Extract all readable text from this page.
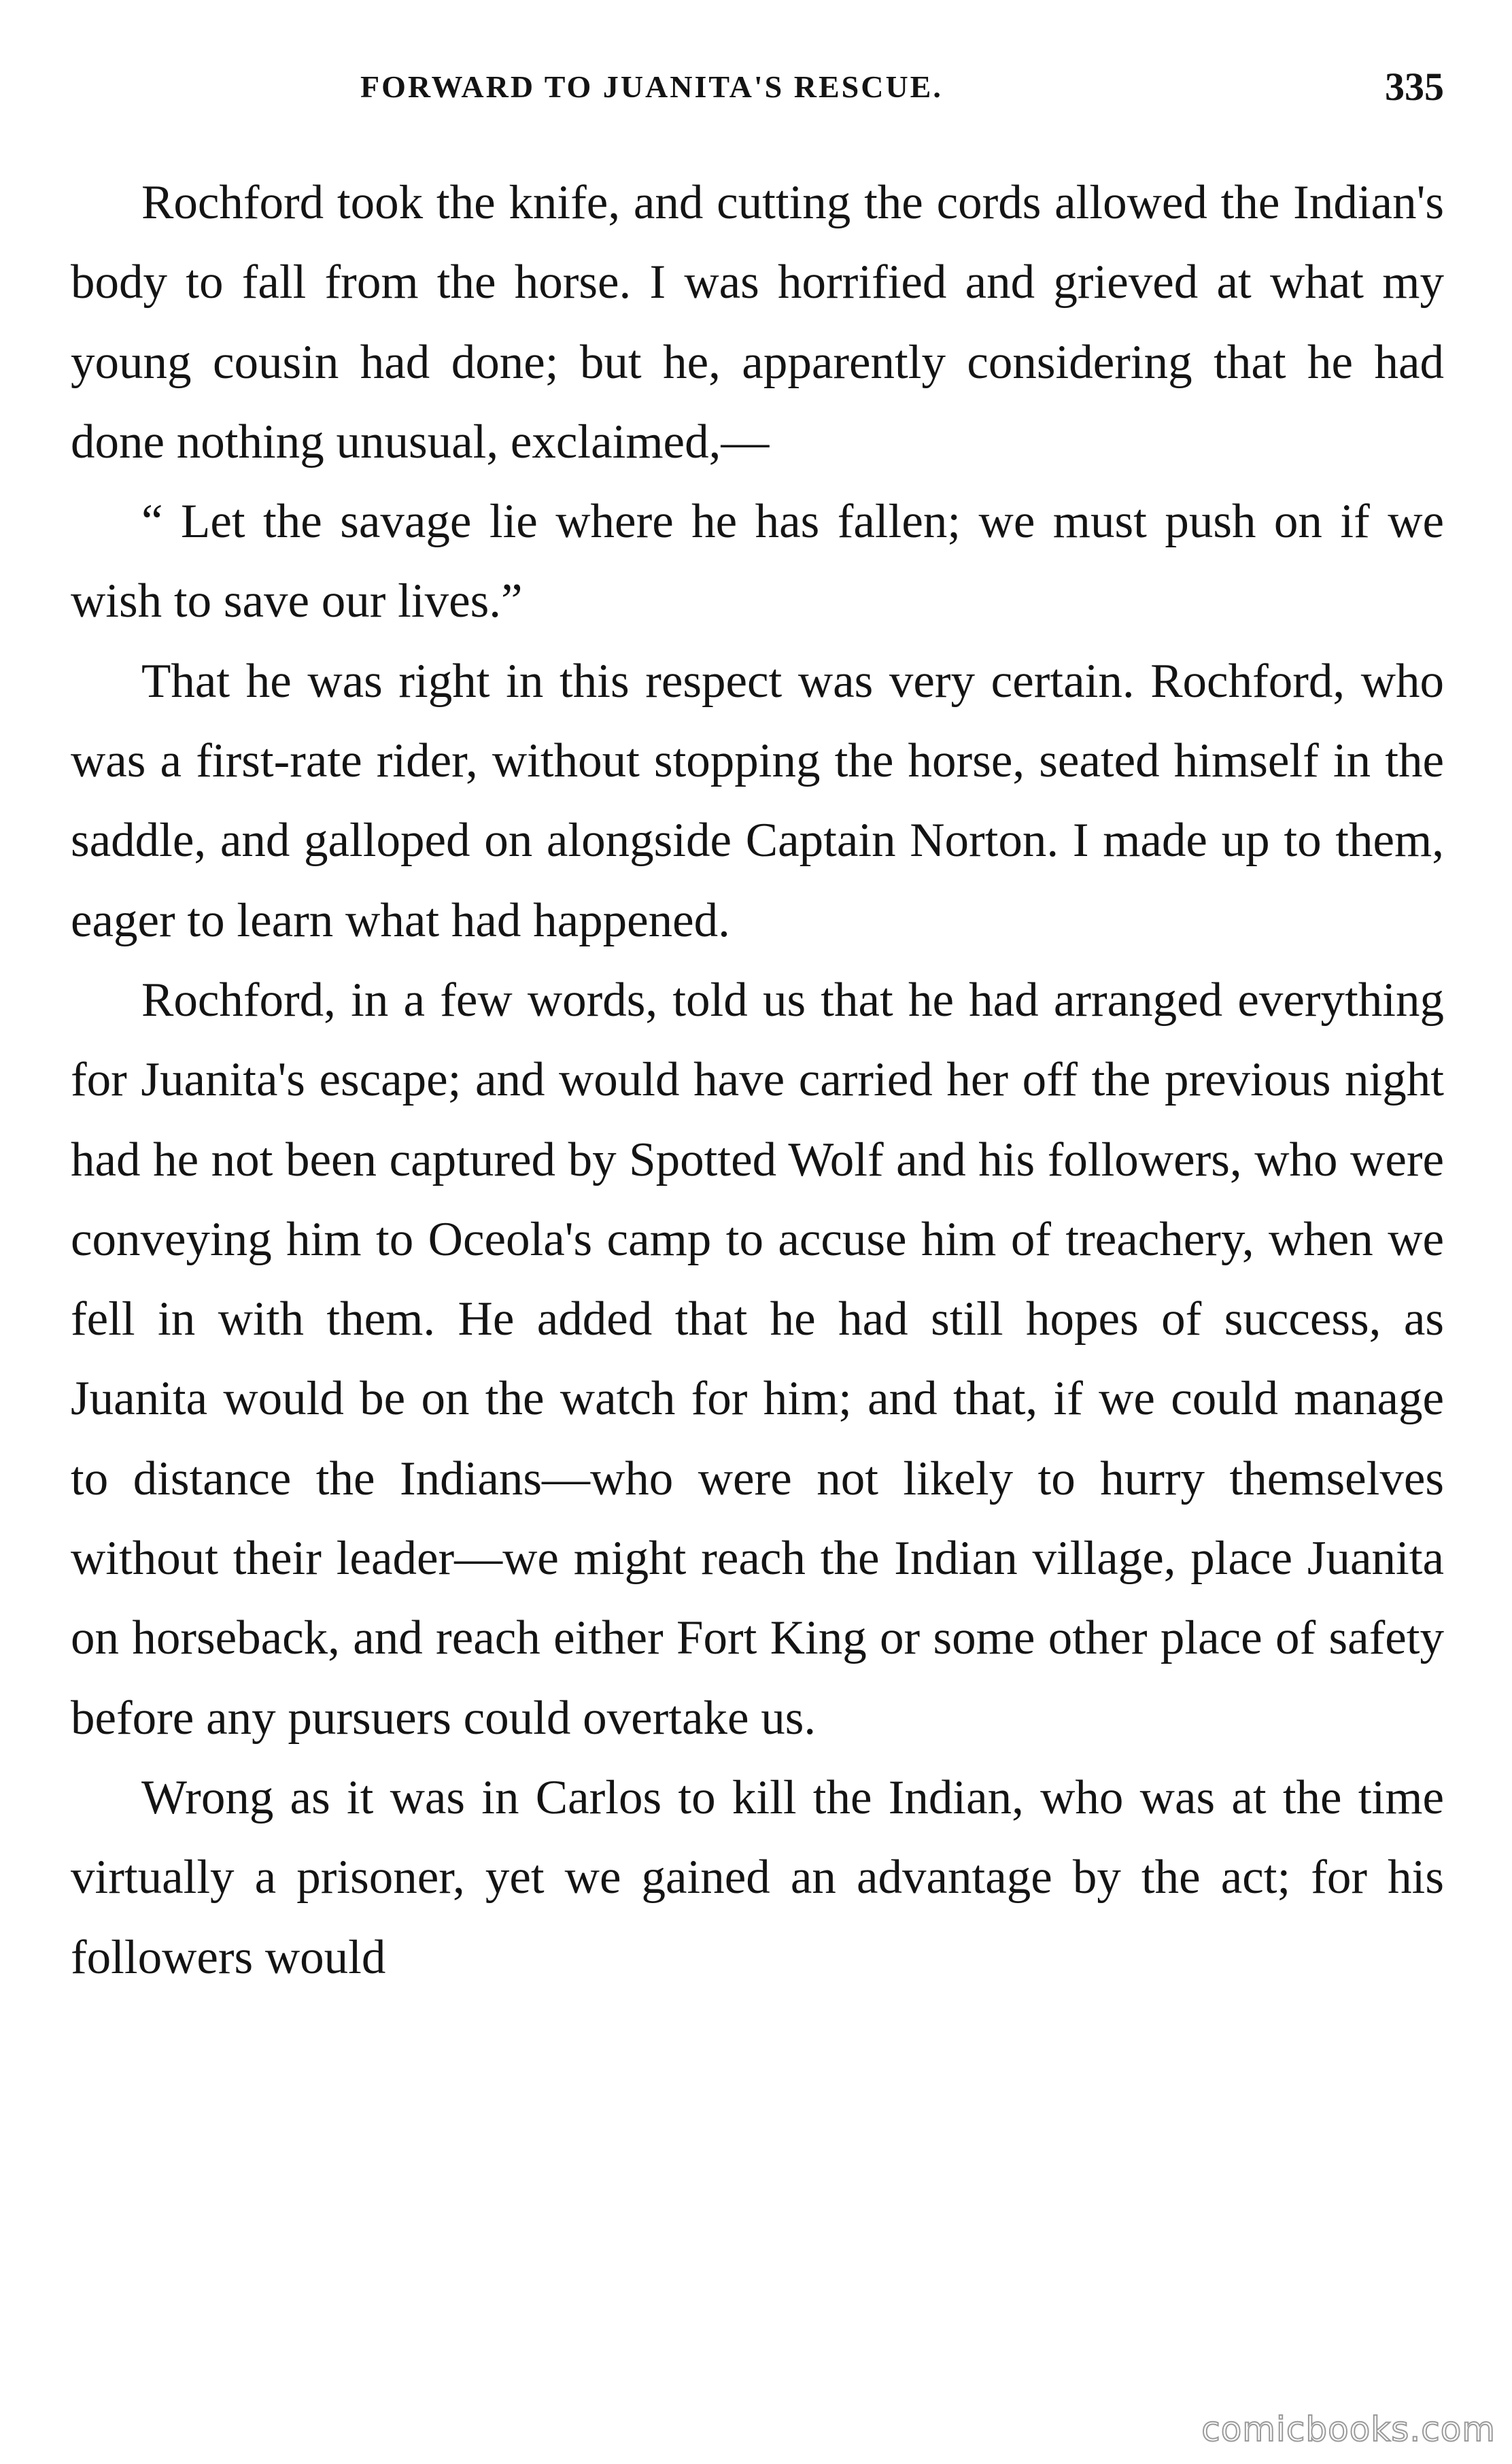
FORWARD TO JUANITA'S RESCUE.	335

Rochford took the knife, and cutting the cords allowed the Indian's body to fall from the horse. I was horrified and grieved at what my young cousin had done; but he, apparently considering that he had done nothing unusual, exclaimed,—

“ Let the savage lie where he has fallen; we must push on if we wish to save our lives.”

That he was right in this respect was very certain. Rochford, who was a first-rate rider, without stopping the horse, seated himself in the saddle, and galloped on alongside Captain Norton. I made up to them, eager to learn what had happened.

Rochford, in a few words, told us that he had arranged everything for Juanita's escape; and would have carried her off the previous night had he not been captured by Spotted Wolf and his followers, who were conveying him to Oceola's camp to accuse him of treachery, when we fell in with them. He added that he had still hopes of success, as Juanita would be on the watch for him; and that, if we could manage to distance the Indians—who were not likely to hurry themselves without their leader—we might reach the Indian village, place Juanita on horseback, and reach either Fort King or some other place of safety before any pursuers could overtake us.

Wrong as it was in Carlos to kill the Indian, who was at the time virtually a prisoner, yet we gained an advantage by the act; for his followers would

comicbooks.com
